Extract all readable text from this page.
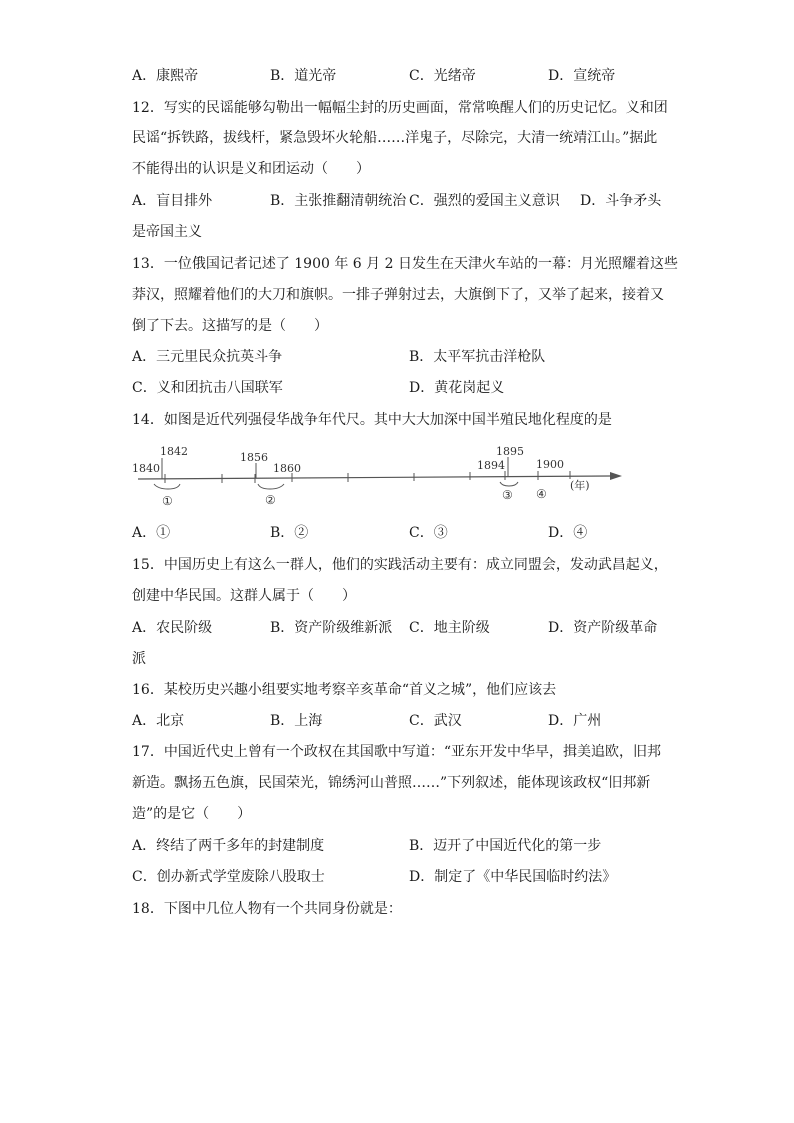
A．康熙帝	B．道光帝	C．光绪帝	D．宣统帝
12．写实的民谣能够勾勒出一幅幅尘封的历史画面，常常唤醒人们的历史记忆。义和团
民谣“拆铁路，拔线杆，紧急毁坏火轮船……洋鬼子，尽除完，大清一统靖江山。”据此
不能得出的认识是义和团运动（　　）
A．盲目排外	B．主张推翻清朝统治 C．强烈的爱国主义意识 D．斗争矛头
是帝国主义
13．一位俄国记者记述了 1900 年 6 月 2 日发生在天津火车站的一幕：月光照耀着这些
莽汉，照耀着他们的大刀和旗帜。一排子弹射过去，大旗倒下了，又举了起来，接着又
倒了下去。这描写的是（　　）
A．三元里民众抗英斗争	B．太平军抗击洋枪队
C．义和团抗击八国联军	D．黄花岗起义
14．如图是近代列强侵华战争年代尺。其中大大加深中国半殖民地化程度的是
1842
1840
1856
1860
1895
1894	1900
①	②	③ ④
(年)
A．①	B．②	C．③	D．④
15．中国历史上有这么一群人，他们的实践活动主要有：成立同盟会，发动武昌起义，
创建中华民国。这群人属于（　　）
A．农民阶级	B．资产阶级维新派 C．地主阶级	D．资产阶级革命
派
16．某校历史兴趣小组要实地考察辛亥革命“首义之城”，他们应该去
A．北京	B．上海	C．武汉	D．广州
17．中国近代史上曾有一个政权在其国歌中写道：“亚东开发中华早，揖美追欧，旧邦
新造。飘扬五色旗，民国荣光，锦绣河山普照……”下列叙述，能体现该政权“旧邦新
造”的是它（　　）
A．终结了两千多年的封建制度	B．迈开了中国近代化的第一步
C．创办新式学堂废除八股取士	D．制定了《中华民国临时约法》
18．下图中几位人物有一个共同身份就是：
